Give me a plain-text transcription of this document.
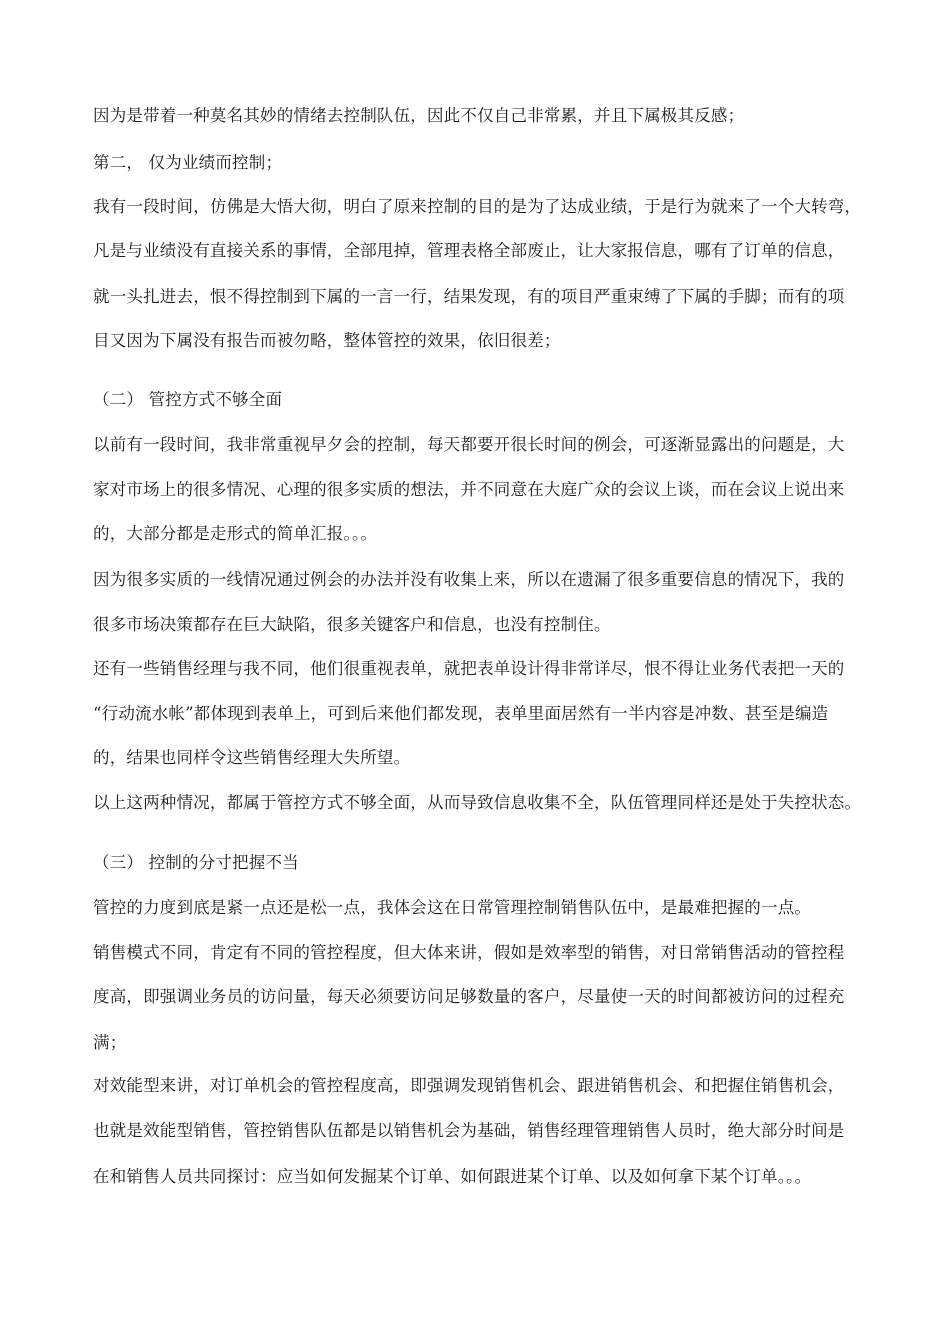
因为是带着一种莫名其妙的情绪去控制队伍，因此不仅自己非常累，并且下属极其反感；
第二， 仅为业绩而控制；
我有一段时间，仿佛是大悟大彻，明白了原来控制的目的是为了达成业绩，于是行为就来了一个大转弯，
凡是与业绩没有直接关系的事情，全部甩掉，管理表格全部废止，让大家报信息，哪有了订单的信息，
就一头扎进去，恨不得控制到下属的一言一行，结果发现，有的项目严重束缚了下属的手脚；而有的项
目又因为下属没有报告而被勿略，整体管控的效果，依旧很差；
（二） 管控方式不够全面
以前有一段时间，我非常重视早夕会的控制，每天都要开很长时间的例会，可逐渐显露出的问题是，大
家对市场上的很多情况、心理的很多实质的想法，并不同意在大庭广众的会议上谈，而在会议上说出来
的，大部分都是走形式的简单汇报。。。
因为很多实质的一线情况通过例会的办法并没有收集上来，所以在遗漏了很多重要信息的情况下，我的
很多市场决策都存在巨大缺陷，很多关键客户和信息，也没有控制住。
还有一些销售经理与我不同，他们很重视表单，就把表单设计得非常详尽，恨不得让业务代表把一天的
“行动流水帐”都体现到表单上，可到后来他们都发现，表单里面居然有一半内容是冲数、甚至是编造
的，结果也同样令这些销售经理大失所望。
以上这两种情况，都属于管控方式不够全面，从而导致信息收集不全，队伍管理同样还是处于失控状态。
（三） 控制的分寸把握不当
管控的力度到底是紧一点还是松一点，我体会这在日常管理控制销售队伍中，是最难把握的一点。
销售模式不同，肯定有不同的管控程度，但大体来讲，假如是效率型的销售，对日常销售活动的管控程
度高，即强调业务员的访问量，每天必须要访问足够数量的客户，尽量使一天的时间都被访问的过程充
满；
对效能型来讲，对订单机会的管控程度高，即强调发现销售机会、跟进销售机会、和把握住销售机会，
也就是效能型销售，管控销售队伍都是以销售机会为基础，销售经理管理销售人员时，绝大部分时间是
在和销售人员共同探讨：应当如何发掘某个订单、如何跟进某个订单、以及如何拿下某个订单。。。
